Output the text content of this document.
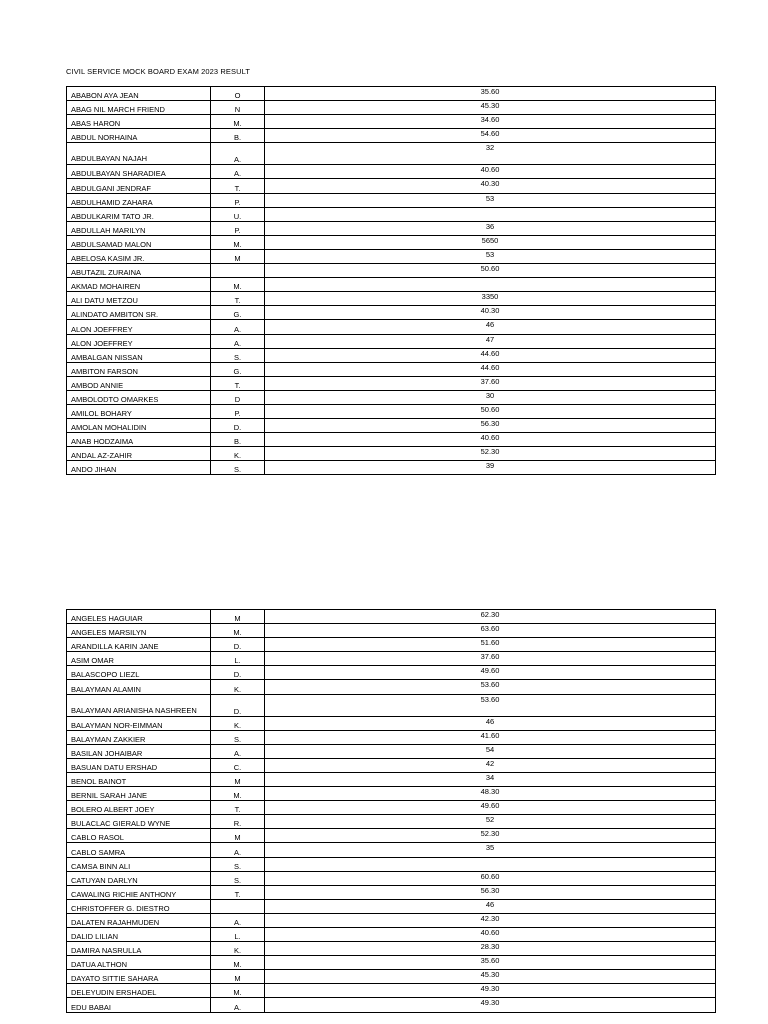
CIVIL SERVICE MOCK BOARD EXAM 2023 RESULT
ABABON AYA JEAN	O	35.60
ABAG NIL MARCH FRIEND	N	45.30
ABAS HARON	M.	34.60
ABDUL NORHAINA	B.	54.60
ABDULBAYAN NAJAH	A.	32
ABDULBAYAN SHARADIEA	A.	40.60
ABDULGANI JENDRAF	T.	40.30
ABDULHAMID ZAHARA	P.	53
ABDULKARIM TATO JR.	U.	
ABDULLAH MARILYN	P.	36
ABDULSAMAD MALON	M.	5650
ABELOSA KASIM JR.	M	53
ABUTAZIL ZURAINA		50.60
AKMAD MOHAIREN	M.	
ALI DATU METZOU	T.	3350
ALINDATO AMBITON SR.	G.	40.30
ALON JOEFFREY	A.	46
ALON JOEFFREY	A.	47
AMBALGAN NISSAN	S.	44.60
AMBITON FARSON	G.	44.60
AMBOD ANNIE	T.	37.60
AMBOLODTO OMARKES	D	30
AMILOL BOHARY	P.	50.60
AMOLAN MOHALIDIN	D.	56.30
ANAB HODZAIMA	B.	40.60
ANDAL AZ-ZAHIR	K.	52.30
ANDO JIHAN	S.	39
ANGELES HAGUIAR	M	62.30
ANGELES MARSILYN	M.	63.60
ARANDILLA KARIN JANE	D.	51.60
ASIM OMAR	L.	37.60
BALASCOPO LIEZL	D.	49.60
BALAYMAN ALAMIN	K.	53.60
BALAYMAN ARIANISHA NASHREEN	D.	53.60
BALAYMAN NOR-EIMMAN	K.	46
BALAYMAN ZAKKIER	S.	41.60
BASILAN JOHAIBAR	A.	54
BASUAN DATU ERSHAD	C.	42
BENOL BAINOT	M	34
BERNIL SARAH JANE	M.	48.30
BOLERO ALBERT JOEY	T.	49.60
BULACLAC GIERALD WYNE	R.	52
CABLO RASOL	M	52.30
CABLO SAMRA	A.	35
CAMSA BINN ALI	S.	
CATUYAN DARLYN	S.	60.60
CAWALING RICHIE ANTHONY	T.	56.30
CHRISTOFFER G. DIESTRO		46
DALATEN RAJAHMUDEN	A.	42.30
DALID LILIAN	L.	40.60
DAMIRA NASRULLA	K.	28.30
DATUA ALTHON	M.	35.60
DAYATO SITTIE SAHARA	M	45.30
DELEYUDIN ERSHADEL	M.	49.30
EDU BABAI	A.	49.30
